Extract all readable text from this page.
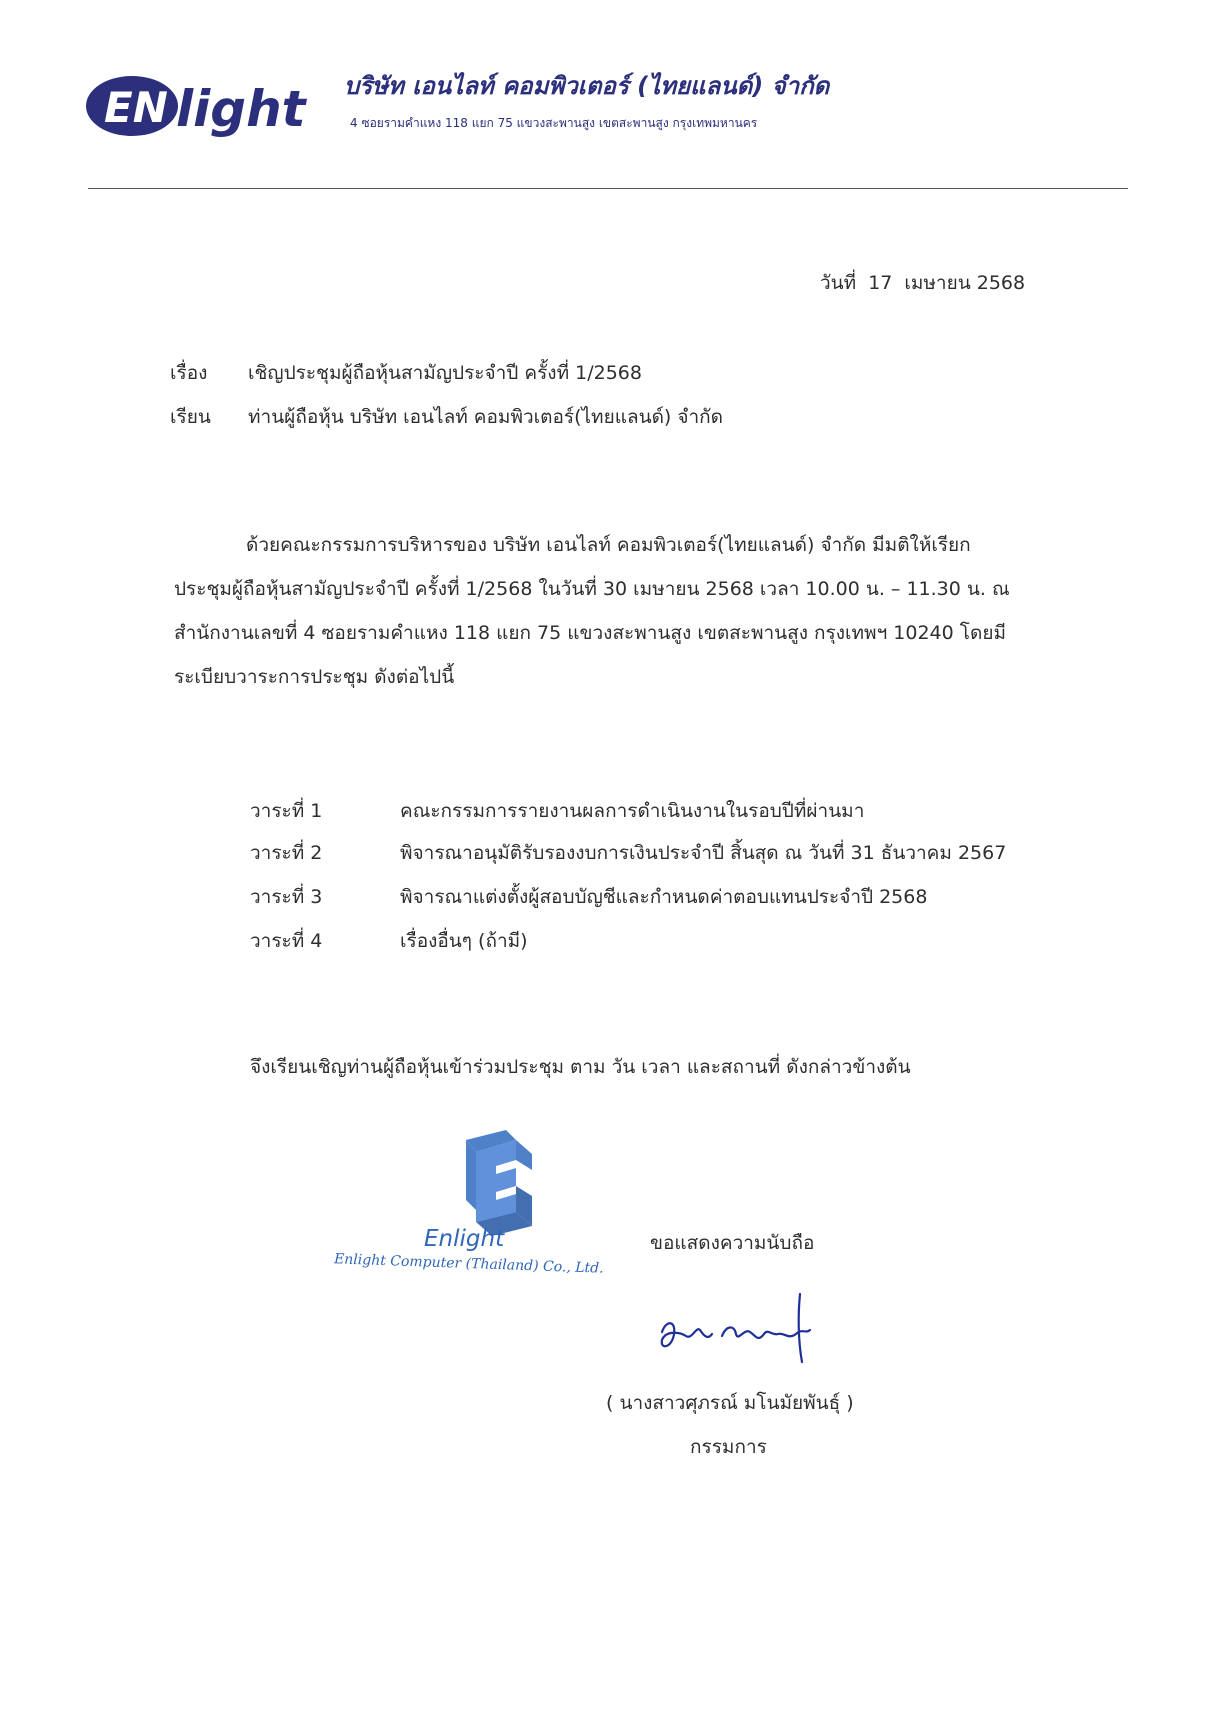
EN light บริษัท เอนไลท์ คอมพิวเตอร์ (ไทยแลนด์) จำกัด
4 ซอยรามคำแหง 118 แยก 75 แขวงสะพานสูง เขตสะพานสูง กรุงเทพมหานคร
วันที่ 17 เมษายน 2568
เรื่อง เชิญประชุมผู้ถือหุ้นสามัญประจำปี ครั้งที่ 1/2568
เรียน ท่านผู้ถือหุ้น บริษัท เอนไลท์ คอมพิวเตอร์(ไทยแลนด์) จำกัด
ด้วยคณะกรรมการบริหารของ บริษัท เอนไลท์ คอมพิวเตอร์(ไทยแลนด์) จำกัด มีมติให้เรียก
ประชุมผู้ถือหุ้นสามัญประจำปี ครั้งที่ 1/2568 ในวันที่ 30 เมษายน 2568 เวลา 10.00 น. – 11.30 น. ณ
สำนักงานเลขที่ 4 ซอยรามคำแหง 118 แยก 75 แขวงสะพานสูง เขตสะพานสูง กรุงเทพฯ 10240 โดยมี
ระเบียบวาระการประชุม ดังต่อไปนี้
วาระที่ 1	คณะกรรมการรายงานผลการดำเนินงานในรอบปีที่ผ่านมา
วาระที่ 2	พิจารณาอนุมัติรับรองงบการเงินประจำปี สิ้นสุด ณ วันที่ 31 ธันวาคม 2567
วาระที่ 3	พิจารณาแต่งตั้งผู้สอบบัญชีและกำหนดค่าตอบแทนประจำปี 2568
วาระที่ 4	เรื่องอื่นๆ (ถ้ามี)
จึงเรียนเชิญท่านผู้ถือหุ้นเข้าร่วมประชุม ตาม วัน เวลา และสถานที่ ดังกล่าวข้างต้น
Enlight
Enlight Computer (Thailand) Co., Ltd.
ขอแสดงความนับถือ
( นางสาวศุภรณ์ มโนมัยพันธุ์ )
กรรมการ
